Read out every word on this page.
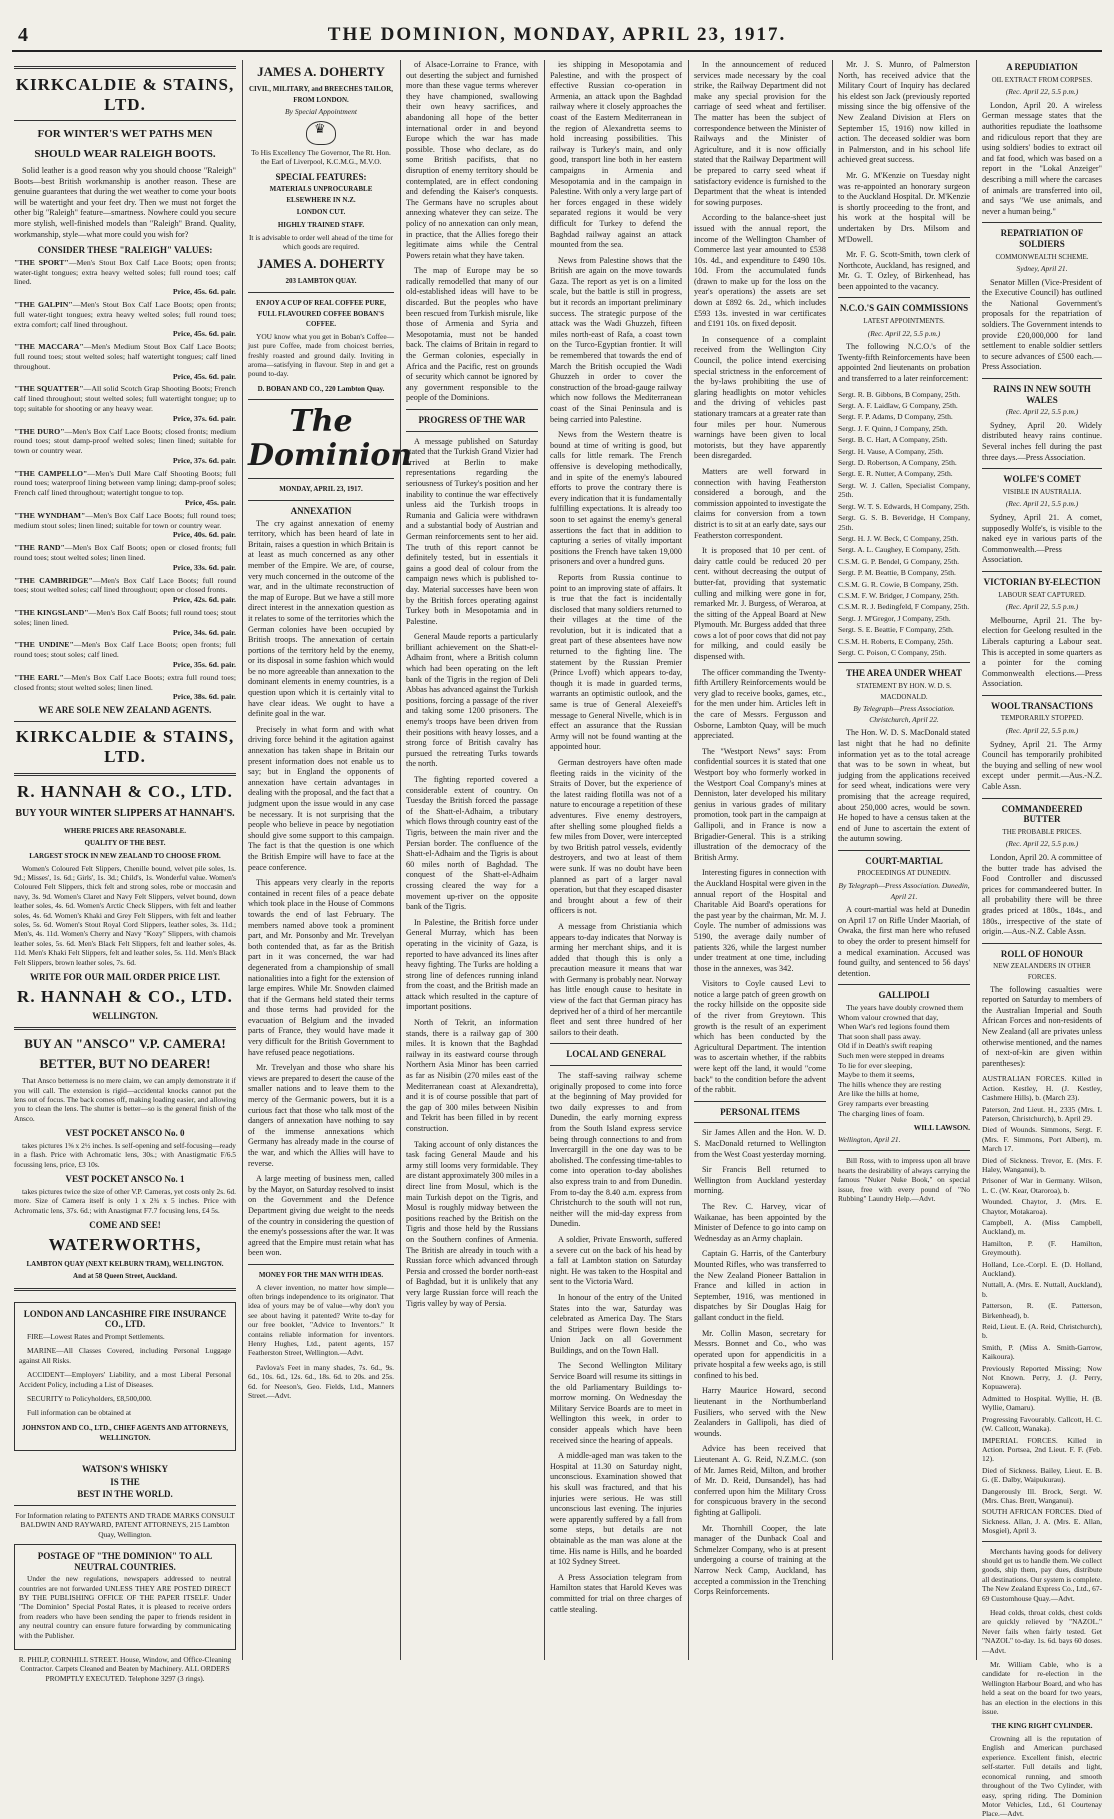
4	THE DOMINION, MONDAY, APRIL 23, 1917.
KIRKCALDIE & STAINS, LTD.
FOR WINTER'S WET PATHS MEN
SHOULD WEAR RALEIGH BOOTS.

Solid leather is a good reason why you should choose "Raleigh" Boots—best British workmanship is another reason. These are genuine guarantees that during the wet weather to come your boots will be watertight and your feet dry. Then we must not forget the other big "Raleigh" feature—smartness. Nowhere could you secure more stylish, well-finished models than "Raleigh" Brand. Quality, workmanship, style—what more could you wish for?

CONSIDER THESE "RALEIGH" VALUES:
"THE SPORT"—Men's Stout Box Calf Lace Boots; open fronts; water-tight tongues; extra heavy welted soles; full round toes; calf lined.
Price, 45s. 6d. pair.
"THE GALPIN"—Men's Stout Box Calf Lace Boots; open fronts; full water-tight tongues; extra heavy welted soles; full round toes; extra comfort; calf lined throughout.
Price, 45s. 6d. pair.
"THE MACCARA"—Men's Medium Stout Box Calf Lace Boots; full round toes; stout welted soles; half watertight tongues; calf lined throughout.
Price, 45s. 6d. pair.
"THE SQUATTER"—All solid Scotch Grap Shooting Boots; French calf lined throughout; stout welted soles; full watertight tongue; up to top; suitable for shooting or any heavy wear.
Price, 37s. 6d. pair.
"THE DURO"—Men's Box Calf Lace Boots; closed fronts; medium round toes; stout damp-proof welted soles; linen lined; suitable for town or country wear.
Price, 37s. 6d. pair.
"THE CAMPELLO"—Men's Dull Mare Calf Shooting Boots; full round toes; waterproof lining between vamp lining; damp-proof soles; French calf lined throughout; watertight tongue to top.
Price, 45s. pair.
"THE WYNDHAM"—Men's Box Calf Lace Boots; full round toes; medium stout soles; linen lined; suitable for town or country wear.
Price, 40s. 6d. pair.
"THE RAND"—Men's Box Calf Boots; open or closed fronts; full round toes; stout welted soles; linen lined.
Price, 33s. 6d. pair.
"THE CAMBRIDGE"—Men's Box Calf Lace Boots; full round toes; stout welted soles; calf lined throughout; open or closed fronts.
Price, 42s. 6d. pair.
"THE KINGSLAND"—Men's Box Calf Boots; full round toes; stout soles; linen lined.
Price, 34s. 6d. pair.
"THE UNDINE"—Men's Box Calf Lace Boots; open fronts; full round toes; stout soles; calf lined.
Price, 35s. 6d. pair.
"THE EARL"—Men's Box Calf Lace Boots; extra full round toes; closed fronts; stout welted soles; linen lined.
Price, 38s. 6d. pair.
WE ARE SOLE NEW ZEALAND AGENTS.
KIRKCALDIE & STAINS, LTD.
R. HANNAH & CO., LTD.
BUY YOUR WINTER SLIPPERS AT HANNAH'S.
WHERE PRICES ARE REASONABLE.
QUALITY OF THE BEST.
LARGEST STOCK IN NEW ZEALAND TO CHOOSE FROM.

Women's Coloured Felt Slippers, Chenille bound, velvet pile soles, 1s. 9d.; Misses', 1s. 6d.; Girls', 1s. 3d.; Child's, 1s. Wonderful value. Women's Coloured Felt Slippers, thick felt and strong soles, robe or moccasin and navy, 3s. 9d. Women's Claret and Navy Felt Slippers, velvet bound, down leather soles, 4s. 6d. Women's Arctic Check Slippers, with felt and leather soles, 4s. 6d. Women's Khaki and Grey Felt Slippers, with felt and leather soles, 5s. 6d. Women's Stout Royal Cord Slippers, leather soles, 3s. 11d.; Men's, 4s. 11d. Women's Cherry and Navy "Kozy" Slippers, with chamois leather soles, 5s. 6d. Men's Black Felt Slippers, felt and leather soles, 4s. 11d. Men's Khaki Felt Slippers, felt and leather soles, 5s. 11d. Men's Black Felt Slippers, brown leather soles, 7s. 6d.

WRITE FOR OUR MAIL ORDER PRICE LIST.
R. HANNAH & CO., LTD.
WELLINGTON.
BUY AN "ANSCO" V.P. CAMERA!
BETTER, BUT NO DEARER!

That Ansco betterness is no mere claim, we can amply demonstrate it if you will call. The extension is rigid—accidental knocks cannot put the lens out of focus. The back comes off, making loading easier, and allowing you to clean the lens. The shutter is better—so is the general finish of the Ansco.

VEST POCKET ANSCO No. 0

takes pictures 1⅝ x 2½ inches. Is self-opening and self-focusing—ready in a flash. Price with Achromatic lens, 30s.; with Anastigmatic F/6.5 focussing lens, price, £3 10s.

VEST POCKET ANSCO No. 1

takes pictures twice the size of other V.P. Cameras, yet costs only 2s. 6d. more. Size of Camera itself is only 1 x 2¾ x 5 inches. Price with Achromatic lens, 37s. 6d.; with Anastigmat F7.7 focusing lens, £4 5s.

COME AND SEE!
WATERWORTHS,
LAMBTON QUAY (NEXT KELBURN TRAM), WELLINGTON.
And at 58 Queen Street, Auckland.
LONDON AND LANCASHIRE FIRE INSURANCE CO., LTD.

FIRE—Lowest Rates and Prompt Settlements.

MARINE—All Classes Covered, including Personal Luggage against All Risks.

ACCIDENT—Employers' Liability, and a most Liberal Personal Accident Policy, including a List of Diseases.

SECURITY to Policyholders, £8,500,000.

Full information can be obtained at

JOHNSTON AND CO., LTD., CHIEF AGENTS AND ATTORNEYS, WELLINGTON.
WATSON'S WHISKY
IS THE
BEST IN THE WORLD.

For Information relating to PATENTS AND TRADE MARKS CONSULT BALDWIN AND RAYWARD, PATENT ATTORNEYS, 215 Lambton Quay, Wellington.

POSTAGE OF "THE DOMINION" TO ALL NEUTRAL COUNTRIES.

Under the new regulations, newspapers addressed to neutral countries are not forwarded UNLESS THEY ARE POSTED DIRECT BY THE PUBLISHING OFFICE OF THE PAPER ITSELF. Under "The Dominion" Special Postal Rates, it is pleased to receive orders from readers who have been sending the paper to friends resident in any neutral country can ensure future forwarding by communicating with the Publisher.

R. PHILP, CORNHILL STREET. House, Window, and Office-Cleaning Contractor. Carpets Cleaned and Beaten by Machinery. ALL ORDERS PROMPTLY EXECUTED. Telephone 3297 (3 rings).

JAMES A. DOHERTY
CIVIL, MILITARY, and BREECHES TAILOR, FROM LONDON.
By Special Appointment
♛

To His Excellency The Governor, The Rt. Hon. the Earl of Liverpool, K.C.M.G., M.V.O.

SPECIAL FEATURES:
MATERIALS UNPROCURABLE ELSEWHERE IN N.Z.
LONDON CUT.
HIGHLY TRAINED STAFF.

It is advisable to order well ahead of the time for which goods are required.

JAMES A. DOHERTY
203 LAMBTON QUAY.
ENJOY A CUP OF REAL COFFEE PURE, FULL FLAVOURED COFFEE BOBAN'S COFFEE.

YOU know what you get in Boban's Coffee—just pure Coffee, made from choicest berries, freshly roasted and ground daily. Inviting in aroma—satisfying in flavour. Step in and get a pound to-day.

D. BOBAN AND CO., 220 Lambton Quay.
The Dominion
MONDAY, APRIL 23, 1917.
ANNEXATION

The cry against annexation of enemy territory, which has been heard of late in Britain, raises a question in which Britain is at least as much concerned as any other member of the Empire. We are, of course, very much concerned in the outcome of the war, and in the ultimate reconstruction of the map of Europe. But we have a still more direct interest in the annexation question as it relates to some of the territories which the German colonies have been occupied by British troops. The annexation of certain portions of the territory held by the enemy, or its disposal in some fashion which would be no more agreeable than annexation to the dominant elements in enemy countries, is a question upon which it is certainly vital to have clear ideas. We ought to have a definite goal in the war.

Precisely in what form and with what driving force behind it the agitation against annexation has taken shape in Britain our present information does not enable us to say; but in England the opponents of annexation have certain advantages in dealing with the proposal, and the fact that a judgment upon the issue would in any case be necessary. It is not surprising that the people who believe in peace by negotiation should give some support to this campaign. The fact is that the question is one which the British Empire will have to face at the peace conference.

This appears very clearly in the reports contained in recent files of a peace debate which took place in the House of Commons towards the end of last February. The members named above took a prominent part, and Mr. Ponsonby and Mr. Trevelyan both contended that, as far as the British part in it was concerned, the war had degenerated from a championship of small nationalities into a fight for the extension of large empires. While Mr. Snowden claimed that if the Germans held stated their terms and those terms had provided for the evacuation of Belgium and the invaded parts of France, they would have made it very difficult for the British Government to have refused peace negotiations.

Mr. Trevelyan and those who share his views are prepared to desert the cause of the smaller nations and to leave them to the mercy of the Germanic powers, but it is a curious fact that those who talk most of the dangers of annexation have nothing to say of the immense annexations which Germany has already made in the course of the war, and which the Allies will have to reverse.

A large meeting of business men, called by the Mayor, on Saturday resolved to insist on the Government and the Defence Department giving due weight to the needs of the country in considering the question of the enemy's possessions after the war. It was agreed that the Empire must retain what has been won.

MONEY FOR THE MAN WITH IDEAS.

A clever invention, no matter how simple—often brings independence to its originator. That idea of yours may be of value—why don't you see about having it patented? Write to-day for our free booklet, "Advice to Inventors." It contains reliable information for inventors. Henry Hughes, Ltd., patent agents, 157 Featherston Street, Wellington.—Advt.

Pavlova's Feet in many shades, 7s. 6d., 9s. 6d., 10s. 6d., 12s. 6d., 18s. 6d. to 20s. and 25s. 6d. for Neeson's, Geo. Fields, Ltd., Manners Street.—Advt.

of Alsace-Lorraine to France, with out deserting the subject and furnished more than these vague terms wherever they have championed, swallowing their own heavy sacrifices, and abandoning all hope of the better international order in and beyond Europe which the war has made possible. Those who declare, as do some British pacifists, that no disruption of enemy territory should be contemplated, are in effect condoning and defending the Kaiser's conquests. The Germans have no scruples about annexing whatever they can seize. The policy of no annexation can only mean, in practice, that the Allies forego their legitimate aims while the Central Powers retain what they have taken.

The map of Europe may be so radically remodelled that many of our old-established ideas will have to be discarded. But the peoples who have been rescued from Turkish misrule, like those of Armenia and Syria and Mesopotamia, must not be handed back. The claims of Britain in regard to the German colonies, especially in Africa and the Pacific, rest on grounds of security which cannot be ignored by any government responsible to the people of the Dominions.

PROGRESS OF THE WAR

A message published on Saturday stated that the Turkish Grand Vizier had arrived at Berlin to make representations regarding the seriousness of Turkey's position and her inability to continue the war effectively unless aid the Turkish troops in Rumania and Galicia were withdrawn and a substantial body of Austrian and German reinforcements sent to her aid. The truth of this report cannot be definitely tested, but in essentials it gains a good deal of colour from the campaign news which is published to-day. Material successes have been won by the British forces operating against Turkey both in Mesopotamia and in Palestine.

General Maude reports a particularly brilliant achievement on the Shatt-el-Adhaim front, where a British column which had been operating on the left bank of the Tigris in the region of Deli Abbas has advanced against the Turkish positions, forcing a passage of the river and taking some 1200 prisoners. The enemy's troops have been driven from their positions with heavy losses, and a strong force of British cavalry has pursued the retreating Turks towards the north.

The fighting reported covered a considerable extent of country. On Tuesday the British forced the passage of the Shatt-el-Adhaim, a tributary which flows through country east of the Tigris, between the main river and the Persian border. The confluence of the Shatt-el-Adhaim and the Tigris is about 60 miles north of Baghdad. The conquest of the Shatt-el-Adhaim crossing cleared the way for a movement up-river on the opposite bank of the Tigris.

In Palestine, the British force under General Murray, which has been operating in the vicinity of Gaza, is reported to have advanced its lines after heavy fighting. The Turks are holding a strong line of defences running inland from the coast, and the British made an attack which resulted in the capture of important positions.

North of Tekrit, an information stands, there is a railway gap of 300 miles. It is known that the Baghdad railway in its eastward course through Northern Asia Minor has been carried as far as Nisibin (270 miles east of the Mediterranean coast at Alexandretta), and it is of course possible that part of the gap of 300 miles between Nisibin and Tekrit has been filled in by recent construction.

Taking account of only distances the task facing General Maude and his army still looms very formidable. They are distant approximately 300 miles in a direct line from Mosul, which is the main Turkish depot on the Tigris, and Mosul is roughly midway between the positions reached by the British on the Tigris and those held by the Russians on the Southern confines of Armenia. The British are already in touch with a Russian force which advanced through Persia and crossed the border north-east of Baghdad, but it is unlikely that any very large Russian force will reach the Tigris valley by way of Persia.

ies shipping in Mesopotamia and Palestine, and with the prospect of effective Russian co-operation in Armenia, an attack upon the Baghdad railway where it closely approaches the coast of the Eastern Mediterranean in the region of Alexandretta seems to hold increasing possibilities. This railway is Turkey's main, and only good, transport line both in her eastern campaigns in Armenia and Mesopotamia and in the campaign in Palestine. With only a very large part of her forces engaged in these widely separated regions it would be very difficult for Turkey to defend the Baghdad railway against an attack mounted from the sea.

News from Palestine shows that the British are again on the move towards Gaza. The report as yet is on a limited scale, but the battle is still in progress, but it records an important preliminary success. The strategic purpose of the attack was the Wadi Ghuzzeh, fifteen miles north-east of Rafa, a coast town on the Turco-Egyptian frontier. It will be remembered that towards the end of March the British occupied the Wadi Ghuzzeh in order to cover the construction of the broad-gauge railway which now follows the Mediterranean coast of the Sinai Peninsula and is being carried into Palestine.

News from the Western theatre is bound at time of writing is good, but calls for little remark. The French offensive is developing methodically, and in spite of the enemy's laboured efforts to prove the contrary there is every indication that it is fundamentally fulfilling expectations. It is already too soon to set against the enemy's general assertions the fact that in addition to capturing a series of vitally important positions the French have taken 19,000 prisoners and over a hundred guns.

Reports from Russia continue to point to an improving state of affairs. It is true that the fact is incidentally disclosed that many soldiers returned to their villages at the time of the revolution, but it is indicated that a great part of these absentees have now returned to the fighting line. The statement by the Russian Premier (Prince Lvoff) which appears to-day, though it is made in guarded terms, warrants an optimistic outlook, and the same is true of General Alexeieff's message to General Nivelle, which is in effect an assurance that the Russian Army will not be found wanting at the appointed hour.

German destroyers have often made fleeting raids in the vicinity of the Straits of Dover, but the experience of the latest raiding flotilla was not of a nature to encourage a repetition of these adventures. Five enemy destroyers, after shelling some ploughed fields a few miles from Dover, were intercepted by two British patrol vessels, evidently destroyers, and two at least of them were sunk. If was no doubt have been planned as part of a larger naval operation, but that they escaped disaster and brought about a few of their officers is not.

A message from Christiania which appears to-day indicates that Norway is arming her merchant ships, and it is added that though this is only a precaution measure it means that war with Germany is probably near. Norway has little enough cause to hesitate in view of the fact that German piracy has deprived her of a third of her mercantile fleet and sent three hundred of her sailors to their death.

LOCAL AND GENERAL

The staff-saving railway scheme originally proposed to come into force at the beginning of May provided for two daily expresses to and from Dunedin, the early morning express from the South Island express service being through connections to and from Invercargill in the one day was to be abolished. The confessing time-tables to come into operation to-day abolishes also express train to and from Dunedin. From to-day the 8.40 a.m. express from Christchurch to the south will not run, neither will the mid-day express from Dunedin.

A soldier, Private Ensworth, suffered a severe cut on the back of his head by a fall at Lambton station on Saturday night. He was taken to the Hospital and sent to the Victoria Ward.

In honour of the entry of the United States into the war, Saturday was celebrated as America Day. The Stars and Stripes were flown beside the Union Jack on all Government Buildings, and on the Town Hall.

The Second Wellington Military Service Board will resume its sittings in the old Parliamentary Buildings to-morrow morning. On Wednesday the Military Service Boards are to meet in Wellington this week, in order to consider appeals which have been received since the hearing of appeals.

A middle-aged man was taken to the Hospital at 11.30 on Saturday night, unconscious. Examination showed that his skull was fractured, and that his injuries were serious. He was still unconscious last evening. The injuries were apparently suffered by a fall from some steps, but details are not obtainable as the man was alone at the time. His name is Hills, and he boarded at 102 Sydney Street.

A Press Association telegram from Hamilton states that Harold Keves was committed for trial on three charges of cattle stealing.

In the announcement of reduced services made necessary by the coal strike, the Railway Department did not make any special provision for the carriage of seed wheat and fertiliser. The matter has been the subject of correspondence between the Minister of Railways and the Minister of Agriculture, and it is now officially stated that the Railway Department will be prepared to carry seed wheat if satisfactory evidence is furnished to the Department that the wheat is intended for sowing purposes.

According to the balance-sheet just issued with the annual report, the income of the Wellington Chamber of Commerce last year amounted to £538 10s. 4d., and expenditure to £490 10s. 10d. From the accumulated funds (drawn to make up for the loss on the year's operations) the assets are set down at £892 6s. 2d., which includes £593 13s. invested in war certificates and £191 10s. on fixed deposit.

In consequence of a complaint received from the Wellington City Council, the police intend exercising special strictness in the enforcement of the by-laws prohibiting the use of glaring headlights on motor vehicles and the driving of vehicles past stationary tramcars at a greater rate than four miles per hour. Numerous warnings have been given to local motorists, but they have apparently been disregarded.

Matters are well forward in connection with having Featherston considered a borough, and the commission appointed to investigate the claims for conversion from a town district is to sit at an early date, says our Featherston correspondent.

It is proposed that 10 per cent. of dairy cattle could be reduced 20 per cent. without decreasing the output of butter-fat, providing that systematic culling and milking were gone in for, remarked Mr. J. Burgess, of Weraroa, at the sitting of the Appeal Board at New Plymouth. Mr. Burgess added that three cows a lot of poor cows that did not pay for milking, and could easily be dispensed with.

The officer commanding the Twenty-fifth Artillery Reinforcements would be very glad to receive books, games, etc., for the men under him. Articles left in the care of Messrs. Fergusson and Osborne, Lambton Quay, will be much appreciated.

The "Westport News" says: From confidential sources it is stated that one Westport boy who formerly worked in the Westport Coal Company's mines at Denniston, later developed his military genius in various grades of military promotion, took part in the campaign at Gallipoli, and in France is now a Brigadier-General. This is a striking illustration of the democracy of the British Army.

Interesting figures in connection with the Auckland Hospital were given in the annual report of the Hospital and Charitable Aid Board's operations for the past year by the chairman, Mr. M. J. Coyle. The number of admissions was 5190, the average daily number of patients 326, while the largest number under treatment at one time, including those in the annexes, was 342.

Visitors to Coyle caused Levi to notice a large patch of green growth on the rocky hillside on the opposite side of the river from Greytown. This growth is the result of an experiment which has been conducted by the Agricultural Department. The intention was to ascertain whether, if the rabbits were kept off the land, it would "come back" to the condition before the advent of the rabbit.

PERSONAL ITEMS

Sir James Allen and the Hon. W. D. S. MacDonald returned to Wellington from the West Coast yesterday morning.

Sir Francis Bell returned to Wellington from Auckland yesterday morning.

The Rev. C. Harvey, vicar of Waikanae, has been appointed by the Minister of Defence to go into camp on Wednesday as an Army chaplain.

Captain G. Harris, of the Canterbury Mounted Rifles, who was transferred to the New Zealand Pioneer Battalion in France and killed in action in September, 1916, was mentioned in dispatches by Sir Douglas Haig for gallant conduct in the field.

Mr. Collin Mason, secretary for Messrs. Bonnet and Co., who was operated upon for appendicitis in a private hospital a few weeks ago, is still confined to his bed.

Harry Maurice Howard, second lieutenant in the Northumberland Fusiliers, who served with the New Zealanders in Gallipoli, has died of wounds.

Advice has been received that Lieutenant A. G. Reid, N.Z.M.C. (son of Mr. James Reid, Milton, and brother of Mr. D. Reid, Dunsandel), has had conferred upon him the Military Cross for conspicuous bravery in the second fighting at Gallipoli.

Mr. Thornhill Cooper, the late manager of the Dunback Coal and Schmelzer Company, who is at present undergoing a course of training at the Narrow Neck Camp, Auckland, has accepted a commission in the Trenching Corps Reinforcements.

Mr. J. S. Munro, of Palmerston North, has received advice that the Military Court of Inquiry has declared his eldest son Jack (previously reported missing since the big offensive of the New Zealand Division at Flers on September 15, 1916) now killed in action. The deceased soldier was born in Palmerston, and in his school life achieved great success.

Mr. G. M'Kenzie on Tuesday night was re-appointed an honorary surgeon to the Auckland Hospital. Dr. M'Kenzie is shortly proceeding to the front, and his work at the hospital will be undertaken by Drs. Milsom and M'Dowell.

Mr. F. G. Scott-Smith, town clerk of Northcote, Auckland, has resigned, and Mr. G. T. Ozley, of Birkenhead, has been appointed to the vacancy.

N.C.O.'S GAIN COMMISSIONS
LATEST APPOINTMENTS.
(Rec. April 22, 5.5 p.m.)

The following N.C.O.'s of the Twenty-fifth Reinforcements have been appointed 2nd lieutenants on probation and transferred to a later reinforcement:

Sergt. R. B. Gibbons, B Company, 25th.
Sergt. A. F. Laidlaw, G Company, 25th.
Sergt. F. P. Adams, D Company, 25th.
Sergt. J. F. Quinn, J Company, 25th.
Sergt. B. C. Hart, A Company, 25th.
Sergt. H. Vause, A Company, 25th.
Sergt. D. Robertson, A Company, 25th.
Sergt. E. R. Nutter, A Company, 25th.
Sergt. W. J. Callen, Specialist Company, 25th.
Sergt. W. T. S. Edwards, H Company, 25th.
Sergt. G. S. B. Beveridge, H Company, 25th.
Sergt. H. J. W. Beck, C Company, 25th.
Sergt. A. L. Caughey, E Company, 25th.
C.S.M. G. P. Bendel, G Company, 25th.
Sergt. P. M. Beattie, B Company, 25th.
C.S.M. G. R. Cowie, B Company, 25th.
C.S.M. F. W. Bridger, J Company, 25th.
C.S.M. R. J. Bedingfeld, F Company, 25th.
Sergt. J. M'Gregor, J Company, 25th.
Sergt. S. E. Beattie, F Company, 25th.
C.S.M. H. Roberts, E Company, 25th.
Sergt. C. Poison, C Company, 25th.
THE AREA UNDER WHEAT
STATEMENT BY HON. W. D. S. MACDONALD.
By Telegraph—Press Association. Christchurch, April 22.

The Hon. W. D. S. MacDonald stated last night that he had no definite information yet as to the total acreage that was to be sown in wheat, but judging from the applications received for seed wheat, indications were very promising that the acreage required, about 250,000 acres, would be sown. He hoped to have a census taken at the end of June to ascertain the extent of the autumn sowing.

COURT-MARTIAL
PROCEEDINGS AT DUNEDIN.
By Telegraph—Press Association. Dunedin, April 21.

A court-martial was held at Dunedin on April 17 on Rifle Under Maoriah, of Owaka, the first man here who refused to obey the order to present himself for a medical examination. Accused was found guilty, and sentenced to 56 days' detention.

GALLIPOLI

The years have doubly crowned them
Whom valour crowned that day,
When War's red legions found them
That soon shall pass away.
Old if in Death's swift reaping
Such men were stepped in dreams
To lie for ever sleeping,
Maybe to them it seems,
The hills whence they are resting
Are like the hills at home,
Grey ramparts ever breasting
The charging lines of foam.

WILL LAWSON.
Wellington, April 21.

Bill Ross, with to impress upon all brave hearts the desirability of always carrying the famous "Nuker Nuke Book," on special issue, free with every pound of "No Rubbing" Laundry Help.—Advt.

A REPUDIATION
OIL EXTRACT FROM CORPSES.
(Rec. April 22, 5.5 p.m.)

London, April 20. A wireless German message states that the authorities repudiate the loathsome and ridiculous report that they are using soldiers' bodies to extract oil and fat food, which was based on a report in the "Lokal Anzeiger" describing a mill where the carcases of animals are transferred into oil, and says "We use animals, and never a human being."

REPATRIATION OF SOLDIERS
COMMONWEALTH SCHEME.
Sydney, April 21.

Senator Millen (Vice-President of the Executive Council) has outlined the National Government's proposals for the repatriation of soldiers. The Government intends to provide £20,000,000 for land settlement to enable soldier settlers to secure advances of £500 each.—Press Association.

RAINS IN NEW SOUTH WALES
(Rec. April 22, 5.5 p.m.)

Sydney, April 20. Widely distributed heavy rains continue. Several inches fell during the past three days.—Press Association.

WOLFE'S COMET
VISIBLE IN AUSTRALIA.
(Rec. April 21, 5.5 p.m.)

Sydney, April 21. A comet, supposedly Wolfe's, is visible to the naked eye in various parts of the Commonwealth.—Press Association.

VICTORIAN BY-ELECTION
LABOUR SEAT CAPTURED.
(Rec. April 22, 5.5 p.m.)

Melbourne, April 21. The by-election for Geelong resulted in the Liberals capturing a Labour seat. This is accepted in some quarters as a pointer for the coming Commonwealth elections.—Press Association.

WOOL TRANSACTIONS
TEMPORARILY STOPPED.
(Rec. April 22, 5.5 p.m.)

Sydney, April 21. The Army Council has temporarily prohibited the buying and selling of new wool except under permit.—Aus.-N.Z. Cable Assn.

COMMANDEERED BUTTER
THE PROBABLE PRICES.
(Rec. April 22, 5.5 p.m.)

London, April 20. A committee of the butter trade has advised the Food Controller and discussed prices for commandeered butter. In all probability there will be three grades priced at 180s., 184s., and 180s., irrespective of the state of origin.—Aus.-N.Z. Cable Assn.

ROLL OF HONOUR
NEW ZEALANDERS IN OTHER FORCES.

The following casualties were reported on Saturday to members of the Australian Imperial and South African Forces and non-residents of New Zealand (all are privates unless otherwise mentioned, and the names of next-of-kin are given within parentheses):

AUSTRALIAN FORCES. Killed in Action. Kestley, H. (J. Kestley, Cashmere Hills), b. (March 23).
Paterson, 2nd Lieut. H., 2335 (Mrs. I. Paterson, Christchurch), b. April 29.
Died of Wounds. Simmons, Sergt. F. (Mrs. F. Simmons, Port Albert), m. March 17.
Died of Sickness. Trevor, E. (Mrs. F. Haley, Wanganui), b.
Prisoner of War in Germany. Wilson, L. C. (W. Kear, Otaroroa), b.
Wounded. Chaytor, J. (Mrs. E. Chaytor, Motakaroa).
Campbell, A. (Miss Campbell, Auckland), m.
Hamilton, P. (F. Hamilton, Greymouth).
Holland, Lce.-Corpl. E. (D. Holland, Auckland).
Nuttall, A. (Mrs. E. Nuttall, Auckland), b.
Patterson, R. (E. Patterson, Birkenhead), b.
Reid, Lieut. E. (A. Reid, Christchurch), b.
Smith, P. (Miss A. Smith-Garrow, Kaikoura).
Previously Reported Missing; Now Not Known. Perry, J. (J. Perry, Kopuawera).
Admitted to Hospital. Wyllie, H. (B. Wyllie, Oamaru).
Progressing Favourably. Callcott, H. C. (W. Callcott, Wanaka).
IMPERIAL FORCES. Killed in Action. Portsea, 2nd Lieut. F. F. (Feb. 12).
Died of Sickness. Bailey, Lieut. E. B. G. (E. Dalby, Waipukurau).
Dangerously Ill. Brock, Sergt. W. (Mrs. Chas. Brett, Wanganui).
SOUTH AFRICAN FORCES. Died of Sickness. Allan, J. A. (Mrs. E. Allan, Mosgiel), April 3.

Merchants having goods for delivery should get us to handle them. We collect goods, ship them, pay dues, distribute all destinations. Our system is complete. The New Zealand Express Co., Ltd., 67-69 Customhouse Quay.—Advt.

Head colds, throat colds, chest colds are quickly relieved by "NAZOL." Never fails when fairly tested. Get "NAZOL" to-day. 1s. 6d. bays 60 doses.—Advt.

Mr. William Cable, who is a candidate for re-election in the Wellington Harbour Board, and who has held a seat on the board for two years, has an election in the elections in this issue.

THE KING RIGHT CYLINDER.

Crowning all is the reputation of English and American purchased experience. Excellent finish, electric self-starter. Full details and light, economical running, and smooth throughout of the Two Cylinder, with easy, spring riding. The Dominion Motor Vehicles, Ltd., 61 Courtenay Place.—Advt.
